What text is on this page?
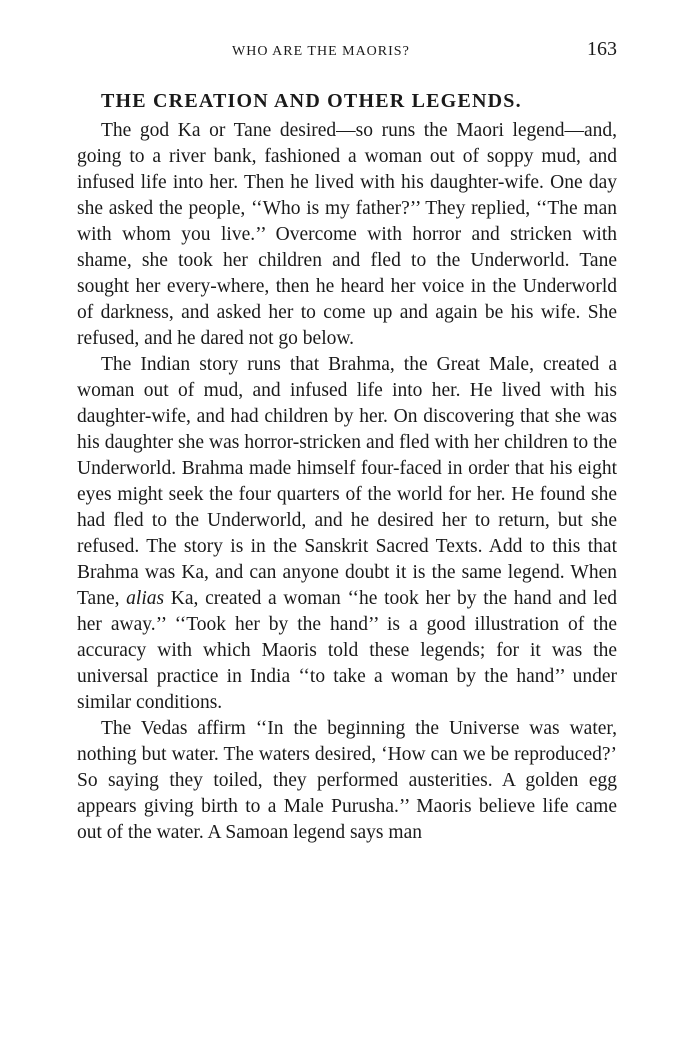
WHO ARE THE MAORIS?	163
THE CREATION AND OTHER LEGENDS.

The god Ka or Tane desired—so runs the Maori legend—and, going to a river bank, fashioned a woman out of soppy mud, and infused life into her. Then he lived with his daughter-wife. One day she asked the people, ‘‘Who is my father?’’ They replied, ‘‘The man with whom you live.’’ Overcome with horror and stricken with shame, she took her children and fled to the Underworld. Tane sought her every-where, then he heard her voice in the Underworld of darkness, and asked her to come up and again be his wife. She refused, and he dared not go below.

The Indian story runs that Brahma, the Great Male, created a woman out of mud, and infused life into her. He lived with his daughter-wife, and had children by her. On discovering that she was his daughter she was horror-stricken and fled with her children to the Underworld. Brahma made himself four-faced in order that his eight eyes might seek the four quarters of the world for her. He found she had fled to the Underworld, and he desired her to return, but she refused. The story is in the Sanskrit Sacred Texts. Add to this that Brahma was Ka, and can anyone doubt it is the same legend. When Tane, alias Ka, created a woman ‘‘he took her by the hand and led her away.’’ ‘‘Took her by the hand’’ is a good illustration of the accuracy with which Maoris told these legends; for it was the universal practice in India ‘‘to take a woman by the hand’’ under similar conditions.

The Vedas affirm ‘‘In the beginning the Universe was water, nothing but water. The waters desired, ‘How can we be reproduced?’ So saying they toiled, they performed austerities. A golden egg appears giving birth to a Male Purusha.’’ Maoris believe life came out of the water. A Samoan legend says man
